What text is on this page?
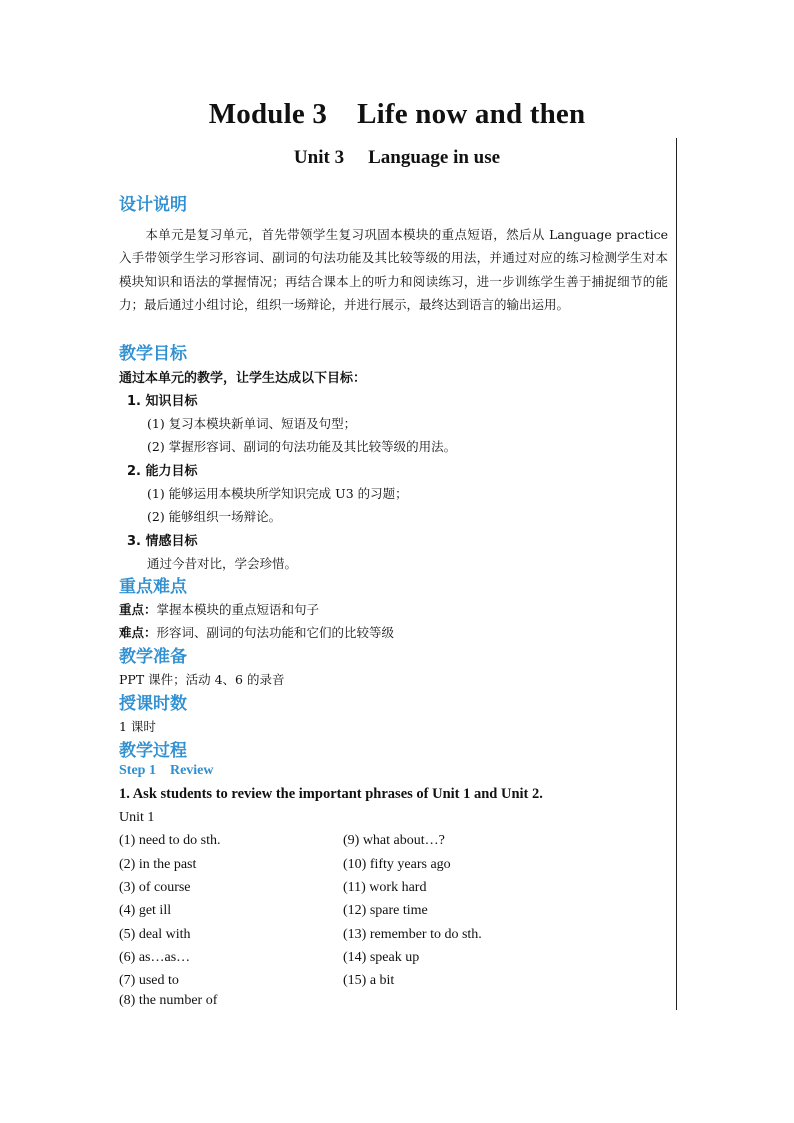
Module 3 Life now and then
Unit 3 Language in use
设计说明
本单元是复习单元，首先带领学生复习巩固本模块的重点短语，然后从 Language practice 入手带领学生学习形容词、副词的句法功能及其比较等级的用法，并通过对应的练习检测学生对本模块知识和语法的掌握情况；再结合课本上的听力和阅读练习，进一步训练学生善于捕捉细节的能力；最后通过小组讨论，组织一场辩论，并进行展示，最终达到语言的输出运用。
教学目标
通过本单元的教学，让学生达成以下目标：
1. 知识目标
(1) 复习本模块新单词、短语及句型；
(2) 掌握形容词、副词的句法功能及其比较等级的用法。
2. 能力目标
(1) 能够运用本模块所学知识完成 U3 的习题；
(2) 能够组织一场辩论。
3. 情感目标
通过今昔对比，学会珍惜。
重点难点
重点：掌握本模块的重点短语和句子
难点：形容词、副词的句法功能和它们的比较等级
教学准备
PPT 课件；活动 4、6 的录音
授课时数
1 课时
教学过程
Step 1 Review
1. Ask students to review the important phrases of Unit 1 and Unit 2.
Unit 1
(1) need to do sth.
(2) in the past
(3) of course
(4) get ill
(5) deal with
(6) as…as…
(7) used to
(8) the number of
(9) what about…?
(10) fifty years ago
(11) work hard
(12) spare time
(13) remember to do sth.
(14) speak up
(15) a bit
